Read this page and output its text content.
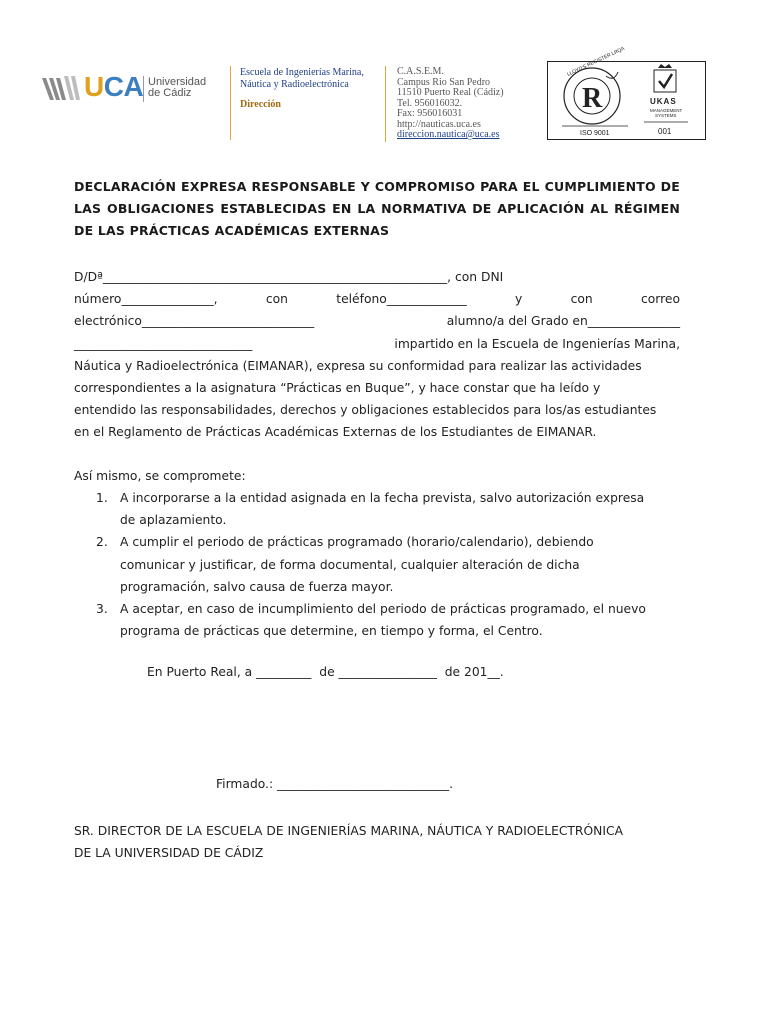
UCA Universidad
de Cádiz
Escuela de Ingenierías Marina,
Náutica y Radioelectrónica
Dirección
C.A.S.E.M.
Campus Rio San Pedro
11510 Puerto Real (Cádiz)
Tel. 956016032.
Fax: 956016031
http://nauticas.uca.es
direccion.nautica@uca.es
R
LLOYD'S REGISTER LRQA
ISO 9001
UKAS
MANAGEMENT
SYSTEMS
001
DECLARACIÓN EXPRESA RESPONSABLE Y COMPROMISO PARA EL CUMPLIMIENTO DE LAS OBLIGACIONES ESTABLECIDAS EN LA NORMATIVA DE APLICACIÓN AL RÉGIMEN DE LAS PRÁCTICAS ACADÉMICAS EXTERNAS
D/Dª________________________________________________________, con DNI
número_______________,	con	teléfono_____________	y	con	correo
electrónico____________________________	alumno/a del Grado en_______________
_____________________________	impartido en la Escuela de Ingenierías Marina,
Náutica y Radioelectrónica (EIMANAR), expresa su conformidad para realizar las actividades
correspondientes a la asignatura “Prácticas en Buque”, y hace constar que ha leído y
entendido las responsabilidades, derechos y obligaciones establecidos para los/as estudiantes
en el Reglamento de Prácticas Académicas Externas de los Estudiantes de EIMANAR.
Así mismo, se compromete:
1. A incorporarse a la entidad asignada en la fecha prevista, salvo autorización expresa
de aplazamiento.
2. A cumplir el periodo de prácticas programado (horario/calendario), debiendo
comunicar y justificar, de forma documental, cualquier alteración de dicha
programación, salvo causa de fuerza mayor.
3. A aceptar, en caso de incumplimiento del periodo de prácticas programado, el nuevo
programa de prácticas que determine, en tiempo y forma, el Centro.
En Puerto Real, a _________  de ________________  de 201__.
Firmado.: ____________________________.
SR. DIRECTOR DE LA ESCUELA DE INGENIERÍAS MARINA, NÁUTICA Y RADIOELECTRÓNICA
DE LA UNIVERSIDAD DE CÁDIZ
